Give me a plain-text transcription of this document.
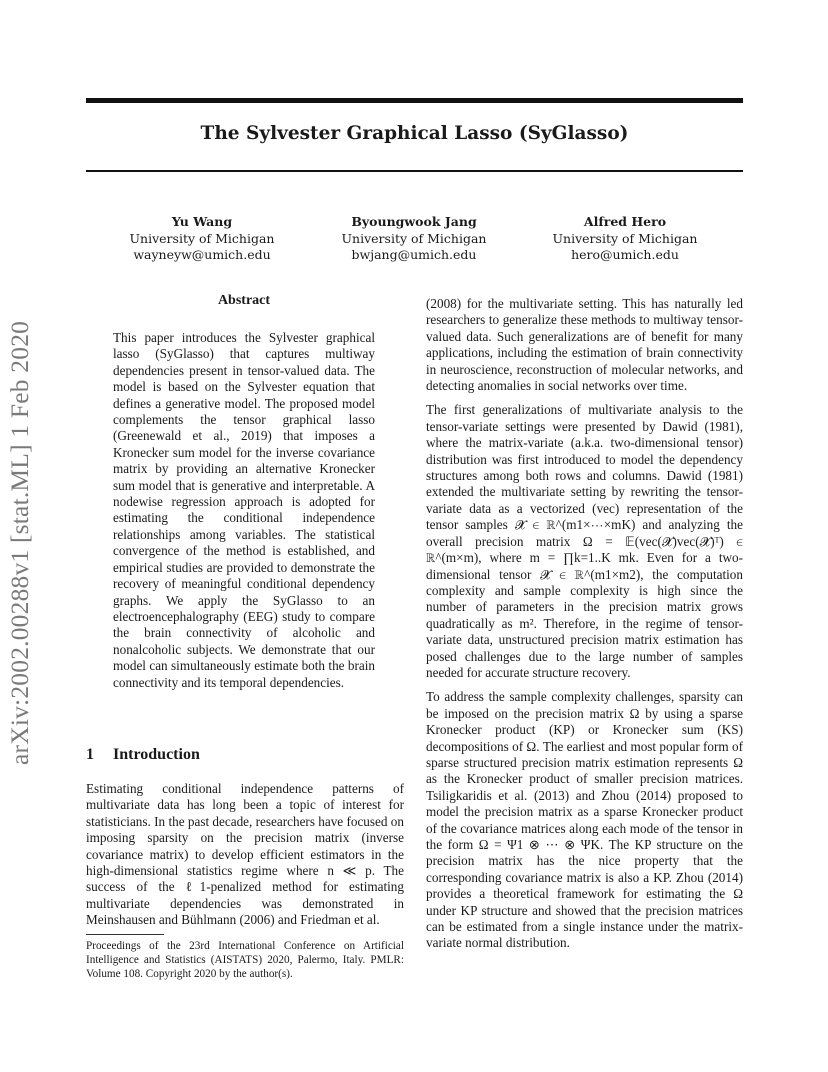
The Sylvester Graphical Lasso (SyGlasso)
Yu Wang
University of Michigan
wayneyw@umich.edu
Byoungwook Jang
University of Michigan
bwjang@umich.edu
Alfred Hero
University of Michigan
hero@umich.edu
arXiv:2002.00288v1 [stat.ML] 1 Feb 2020
Abstract

This paper introduces the Sylvester graphical lasso (SyGlasso) that captures multiway dependencies present in tensor-valued data. The model is based on the Sylvester equation that defines a generative model. The proposed model complements the tensor graphical lasso (Greenewald et al., 2019) that imposes a Kronecker sum model for the inverse covariance matrix by providing an alternative Kronecker sum model that is generative and interpretable. A nodewise regression approach is adopted for estimating the conditional independence relationships among variables. The statistical convergence of the method is established, and empirical studies are provided to demonstrate the recovery of meaningful conditional dependency graphs. We apply the SyGlasso to an electroencephalography (EEG) study to compare the brain connectivity of alcoholic and nonalcoholic subjects. We demonstrate that our model can simultaneously estimate both the brain connectivity and its temporal dependencies.

1 Introduction

Estimating conditional independence patterns of multivariate data has long been a topic of interest for statisticians. In the past decade, researchers have focused on imposing sparsity on the precision matrix (inverse covariance matrix) to develop efficient estimators in the high-dimensional statistics regime where n ≪ p. The success of the ℓ1-penalized method for estimating multivariate dependencies was demonstrated in Meinshausen and Bühlmann (2006) and Friedman et al.

Proceedings of the 23rd International Conference on Artificial Intelligence and Statistics (AISTATS) 2020, Palermo, Italy. PMLR: Volume 108. Copyright 2020 by the author(s).

(2008) for the multivariate setting. This has naturally led researchers to generalize these methods to multiway tensor-valued data. Such generalizations are of benefit for many applications, including the estimation of brain connectivity in neuroscience, reconstruction of molecular networks, and detecting anomalies in social networks over time.

The first generalizations of multivariate analysis to the tensor-variate settings were presented by Dawid (1981), where the matrix-variate (a.k.a. two-dimensional tensor) distribution was first introduced to model the dependency structures among both rows and columns. Dawid (1981) extended the multivariate setting by rewriting the tensor-variate data as a vectorized (vec) representation of the tensor samples 𝓧 ∈ ℝ^(m1×⋯×mK) and analyzing the overall precision matrix Ω = 𝔼(vec(𝓧)vec(𝓧)ᵀ) ∈ ℝ^(m×m), where m = ∏k=1..K mk. Even for a two-dimensional tensor 𝓧 ∈ ℝ^(m1×m2), the computation complexity and sample complexity is high since the number of parameters in the precision matrix grows quadratically as m². Therefore, in the regime of tensor-variate data, unstructured precision matrix estimation has posed challenges due to the large number of samples needed for accurate structure recovery.

To address the sample complexity challenges, sparsity can be imposed on the precision matrix Ω by using a sparse Kronecker product (KP) or Kronecker sum (KS) decompositions of Ω. The earliest and most popular form of sparse structured precision matrix estimation represents Ω as the Kronecker product of smaller precision matrices. Tsiligkaridis et al. (2013) and Zhou (2014) proposed to model the precision matrix as a sparse Kronecker product of the covariance matrices along each mode of the tensor in the form Ω = Ψ1 ⊗ ⋯ ⊗ ΨK. The KP structure on the precision matrix has the nice property that the corresponding covariance matrix is also a KP. Zhou (2014) provides a theoretical framework for estimating the Ω under KP structure and showed that the precision matrices can be estimated from a single instance under the matrix-variate normal distribution.
